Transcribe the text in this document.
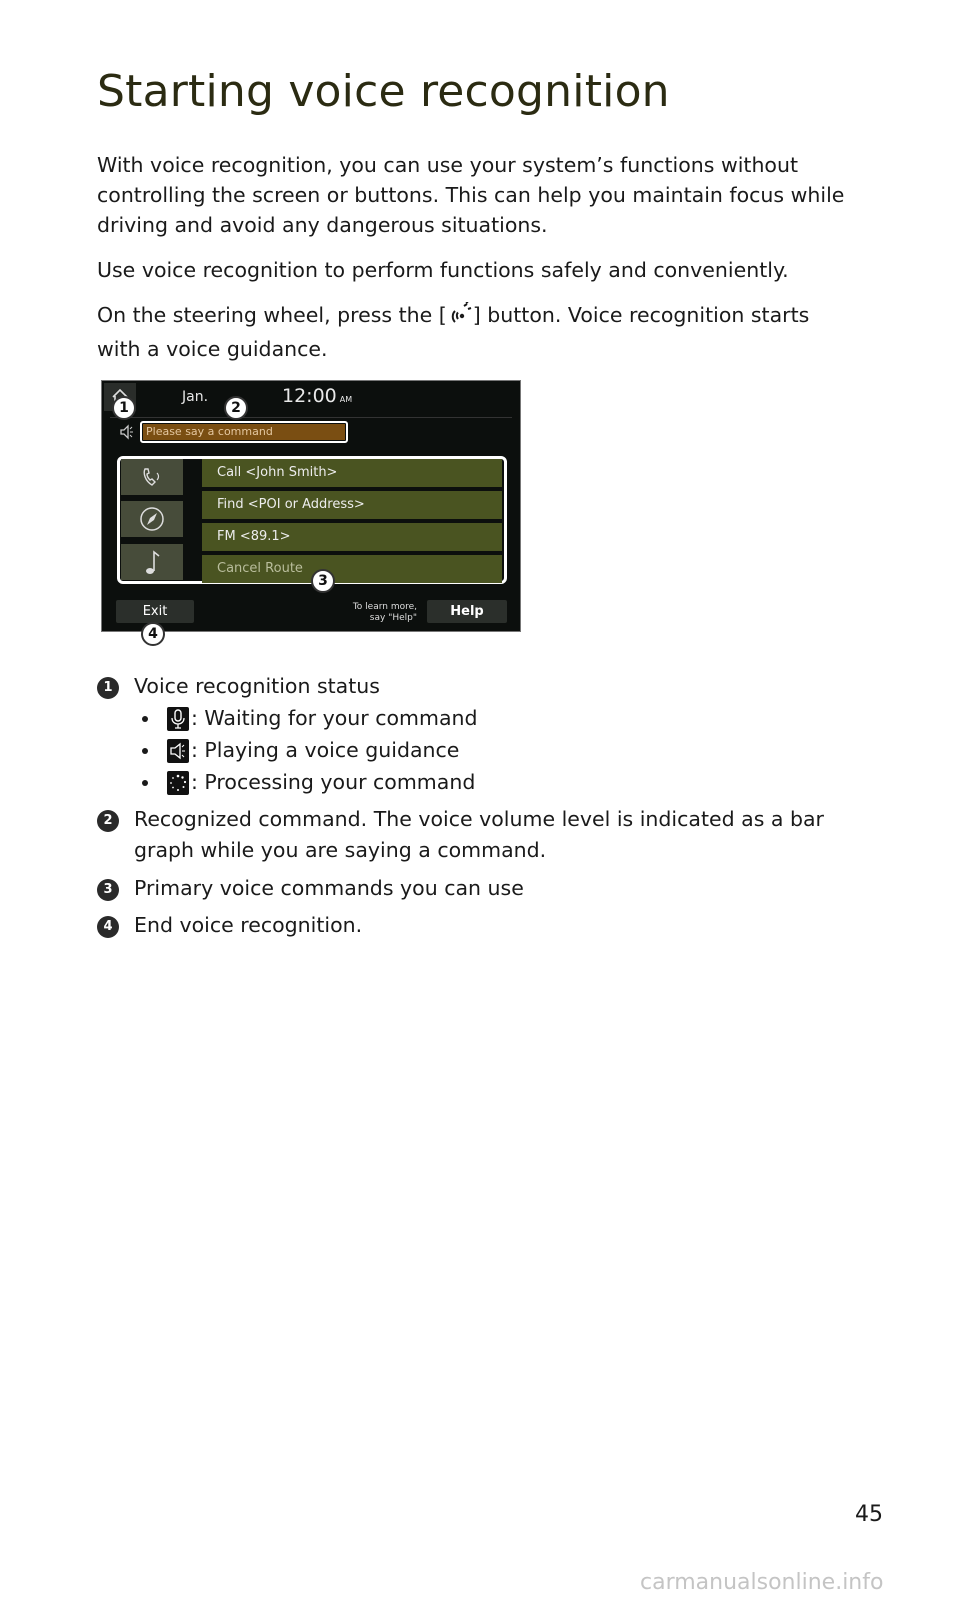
Starting voice recognition

With voice recognition, you can use your system’s functions without controlling the screen or buttons. This can help you maintain focus while driving and avoid any dangerous situations.

Use voice recognition to perform functions safely and conveniently.

On the steering wheel, press the [ ] button. Voice recognition starts with a voice guidance.

Jan.	12:00 AM
Please say a command
Call <John Smith>
Find <POI or Address>
FM <89.1>
Cancel Route
Exit	To learn more, say "Help"	Help
1	2
3
4
1	Voice recognition status
: Waiting for your command
: Playing a voice guidance
: Processing your command
2	Recognized command. The voice volume level is indicated as a bar graph while you are saying a command.
3	Primary voice commands you can use
4	End voice recognition.
45
carmanualsonline.info
